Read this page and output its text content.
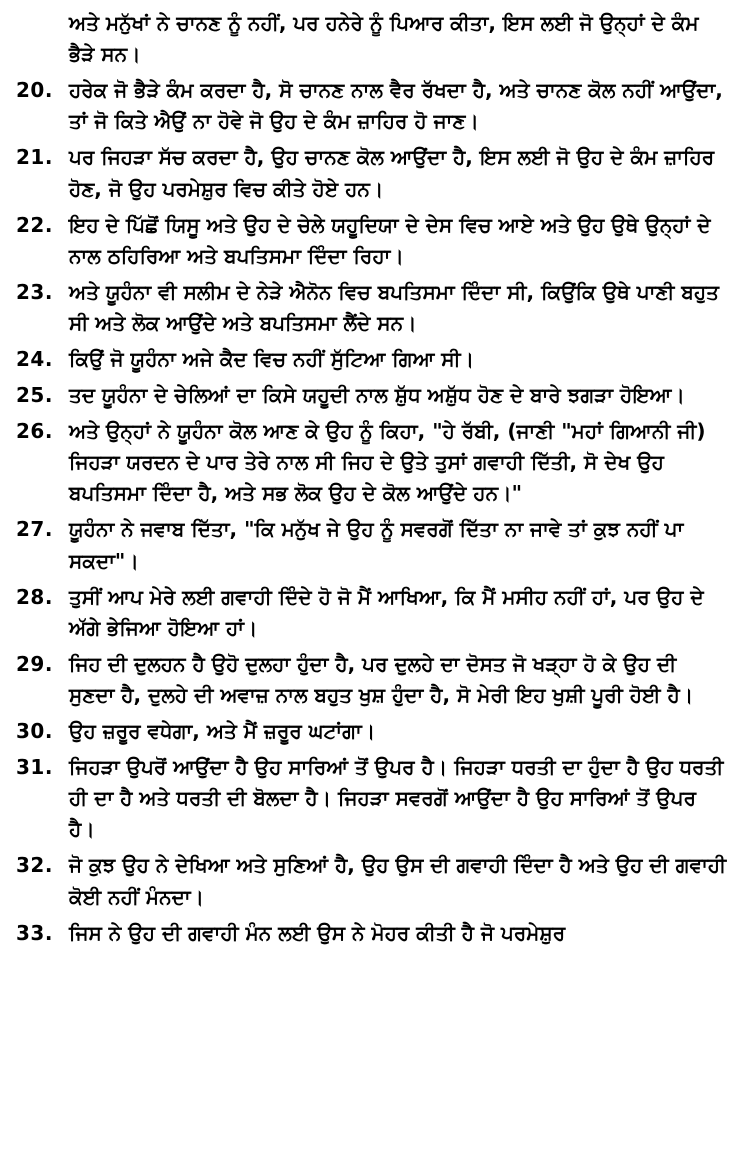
ਅਤੇ ਮਨੁੱਖਾਂ ਨੇ ਚਾਨਣ ਨੂੰ ਨਹੀਂ, ਪਰ ਹਨੇਰੇ ਨੂੰ ਪਿਆਰ ਕੀਤਾ, ਇਸ ਲਈ ਜੋ ਉਨ੍ਹਾਂ ਦੇ ਕੰਮ ਭੈੜੇ ਸਨ।

20. ਹਰੇਕ ਜੋ ਭੈੜੇ ਕੰਮ ਕਰਦਾ ਹੈ, ਸੋ ਚਾਨਣ ਨਾਲ ਵੈਰ ਰੱਖਦਾ ਹੈ, ਅਤੇ ਚਾਨਣ ਕੋਲ ਨਹੀਂ ਆਉਂਦਾ, ਤਾਂ ਜੋ ਕਿਤੇ ਐਉਂ ਨਾ ਹੋਵੇ ਜੋ ਉਹ ਦੇ ਕੰਮ ਜ਼ਾਹਿਰ ਹੋ ਜਾਣ।

21. ਪਰ ਜਿਹੜਾ ਸੱਚ ਕਰਦਾ ਹੈ, ਉਹ ਚਾਨਣ ਕੋਲ ਆਉਂਦਾ ਹੈ, ਇਸ ਲਈ ਜੋ ਉਹ ਦੇ ਕੰਮ ਜ਼ਾਹਿਰ ਹੋਣ, ਜੋ ਉਹ ਪਰਮੇਸ਼ੁਰ ਵਿਚ ਕੀਤੇ ਹੋਏ ਹਨ।

22. ਇਹ ਦੇ ਪਿੱਛੋਂ ਯਿਸੂ ਅਤੇ ਉਹ ਦੇ ਚੇਲੇ ਯਹੂਦਿਯਾ ਦੇ ਦੇਸ ਵਿਚ ਆਏ ਅਤੇ ਉਹ ਉਥੇ ਉਨ੍ਹਾਂ ਦੇ ਨਾਲ ਠਹਿਰਿਆ ਅਤੇ ਬਪਤਿਸਮਾ ਦਿੰਦਾ ਰਿਹਾ।

23. ਅਤੇ ਯੂਹੰਨਾ ਵੀ ਸਲੀਮ ਦੇ ਨੇੜੇ ਐਨੋਨ ਵਿਚ ਬਪਤਿਸਮਾ ਦਿੰਦਾ ਸੀ, ਕਿਉਂਕਿ ਉਥੇ ਪਾਣੀ ਬਹੁਤ ਸੀ ਅਤੇ ਲੋਕ ਆਉਂਦੇ ਅਤੇ ਬਪਤਿਸਮਾ ਲੈਂਦੇ ਸਨ।

24. ਕਿਉਂ ਜੋ ਯੂਹੰਨਾ ਅਜੇ ਕੈਦ ਵਿਚ ਨਹੀਂ ਸੁੱਟਿਆ ਗਿਆ ਸੀ।

25. ਤਦ ਯੂਹੰਨਾ ਦੇ ਚੇਲਿਆਂ ਦਾ ਕਿਸੇ ਯਹੂਦੀ ਨਾਲ ਸ਼ੁੱਧ ਅਸ਼ੁੱਧ ਹੋਣ ਦੇ ਬਾਰੇ ਝਗੜਾ ਹੋਇਆ।

26. ਅਤੇ ਉਨ੍ਹਾਂ ਨੇ ਯੂਹੰਨਾ ਕੋਲ ਆਣ ਕੇ ਉਹ ਨੂੰ ਕਿਹਾ, "ਹੇ ਰੱਬੀ, (ਜਾਣੀ "ਮਹਾਂ ਗਿਆਨੀ ਜੀ) ਜਿਹੜਾ ਯਰਦਨ ਦੇ ਪਾਰ ਤੇਰੇ ਨਾਲ ਸੀ ਜਿਹ ਦੇ ਉਤੇ ਤੁਸਾਂ ਗਵਾਹੀ ਦਿੱਤੀ, ਸੋ ਦੇਖ ਉਹ ਬਪਤਿਸਮਾ ਦਿੰਦਾ ਹੈ, ਅਤੇ ਸਭ ਲੋਕ ਉਹ ਦੇ ਕੋਲ ਆਉਂਦੇ ਹਨ।"

27. ਯੂਹੰਨਾ ਨੇ ਜਵਾਬ ਦਿੱਤਾ, "ਕਿ ਮਨੁੱਖ ਜੇ ਉਹ ਨੂੰ ਸਵਰਗੋਂ ਦਿੱਤਾ ਨਾ ਜਾਵੇ ਤਾਂ ਕੁਝ ਨਹੀਂ ਪਾ ਸਕਦਾ"।

28. ਤੁਸੀਂ ਆਪ ਮੇਰੇ ਲਈ ਗਵਾਹੀ ਦਿੰਦੇ ਹੋ ਜੋ ਮੈਂ ਆਖਿਆ, ਕਿ ਮੈਂ ਮਸੀਹ ਨਹੀਂ ਹਾਂ, ਪਰ ਉਹ ਦੇ ਅੱਗੇ ਭੇਜਿਆ ਹੋਇਆ ਹਾਂ।

29. ਜਿਹ ਦੀ ਦੁਲਹਨ ਹੈ ਉਹੋ ਦੁਲਹਾ ਹੁੰਦਾ ਹੈ, ਪਰ ਦੁਲਹੇ ਦਾ ਦੋਸਤ ਜੋ ਖੜ੍ਹਾ ਹੋ ਕੇ ਉਹ ਦੀ ਸੁਣਦਾ ਹੈ, ਦੁਲਹੇ ਦੀ ਅਵਾਜ਼ ਨਾਲ ਬਹੁਤ ਖੁਸ਼ ਹੁੰਦਾ ਹੈ, ਸੋ ਮੇਰੀ ਇਹ ਖੁਸ਼ੀ ਪੂਰੀ ਹੋਈ ਹੈ।

30. ਉਹ ਜ਼ਰੂਰ ਵਧੇਗਾ, ਅਤੇ ਮੈਂ ਜ਼ਰੂਰ ਘਟਾਂਗਾ।

31. ਜਿਹੜਾ ਉਪਰੋਂ ਆਉਂਦਾ ਹੈ ਉਹ ਸਾਰਿਆਂ ਤੋਂ ਉਪਰ ਹੈ। ਜਿਹੜਾ ਧਰਤੀ ਦਾ ਹੁੰਦਾ ਹੈ ਉਹ ਧਰਤੀ ਹੀ ਦਾ ਹੈ ਅਤੇ ਧਰਤੀ ਦੀ ਬੋਲਦਾ ਹੈ। ਜਿਹੜਾ ਸਵਰਗੋਂ ਆਉਂਦਾ ਹੈ ਉਹ ਸਾਰਿਆਂ ਤੋਂ ਉਪਰ ਹੈ।

32. ਜੋ ਕੁਝ ਉਹ ਨੇ ਦੇਖਿਆ ਅਤੇ ਸੁਣਿਆਂ ਹੈ, ਉਹ ਉਸ ਦੀ ਗਵਾਹੀ ਦਿੰਦਾ ਹੈ ਅਤੇ ਉਹ ਦੀ ਗਵਾਹੀ ਕੋਈ ਨਹੀਂ ਮੰਨਦਾ।

33. ਜਿਸ ਨੇ ਉਹ ਦੀ ਗਵਾਹੀ ਮੰਨ ਲਈ ਉਸ ਨੇ ਮੋਹਰ ਕੀਤੀ ਹੈ ਜੋ ਪਰਮੇਸ਼ੁਰ
